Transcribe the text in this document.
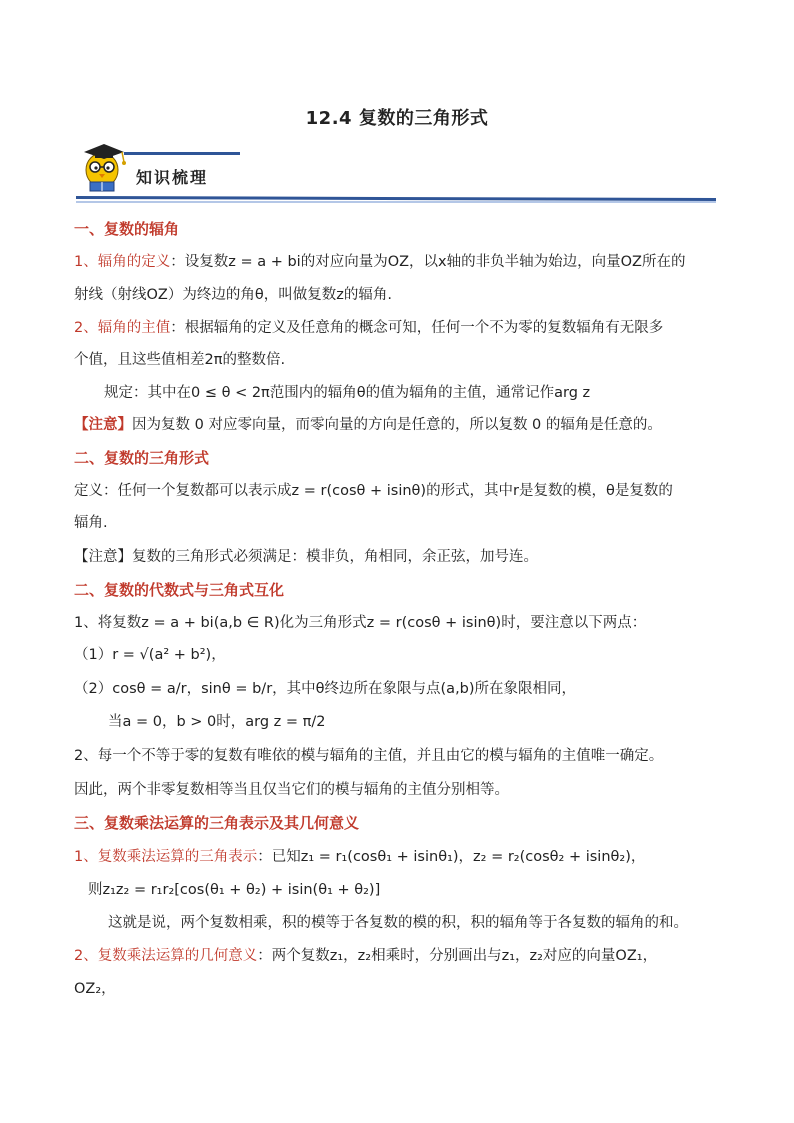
12.4 复数的三角形式
知识梳理
一、复数的辐角
1、辐角的定义：设复数z = a + bi的对应向量为OZ，以x轴的非负半轴为始边，向量OZ所在的
射线（射线OZ）为终边的角θ，叫做复数z的辐角.
2、辐角的主值：根据辐角的定义及任意角的概念可知，任何一个不为零的复数辐角有无限多
个值，且这些值相差2π的整数倍.
规定：其中在0 ≤ θ < 2π范围内的辐角θ的值为辐角的主值，通常记作arg z
【注意】因为复数 0 对应零向量，而零向量的方向是任意的，所以复数 0 的辐角是任意的。
二、复数的三角形式
定义：任何一个复数都可以表示成z = r(cosθ + isinθ)的形式，其中r是复数的模，θ是复数的
辐角.
【注意】复数的三角形式必须满足：模非负，角相同，余正弦，加号连。
二、复数的代数式与三角式互化
1、将复数z = a + bi(a,b ∈ R)化为三角形式z = r(cosθ + isinθ)时，要注意以下两点：
（1）r = √(a² + b²)，
（2）cosθ = a/r，sinθ = b/r，其中θ终边所在象限与点(a,b)所在象限相同，
当a = 0，b > 0时，arg z = π/2
2、每一个不等于零的复数有唯依的模与辐角的主值，并且由它的模与辐角的主值唯一确定。
因此，两个非零复数相等当且仅当它们的模与辐角的主值分别相等。
三、复数乘法运算的三角表示及其几何意义
1、复数乘法运算的三角表示：已知z₁ = r₁(cosθ₁ + isinθ₁)，z₂ = r₂(cosθ₂ + isinθ₂)，
则z₁z₂ = r₁r₂[cos(θ₁ + θ₂) + isin(θ₁ + θ₂)]
这就是说，两个复数相乘，积的模等于各复数的模的积，积的辐角等于各复数的辐角的和。
2、复数乘法运算的几何意义：两个复数z₁，z₂相乘时，分别画出与z₁，z₂对应的向量OZ₁，
OZ₂，
